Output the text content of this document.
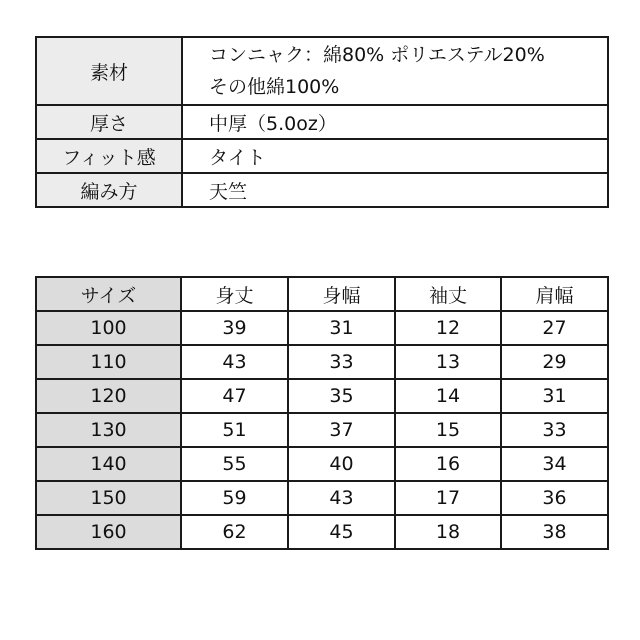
素材	コンニャク：綿80% ポリエステル20%
その他綿100%

厚さ	中厚（5.0oz）
フィット感	タイト
編み方	天竺
サイズ	身丈	身幅	袖丈	肩幅
100	39	31	12	27
110	43	33	13	29
120	47	35	14	31
130	51	37	15	33
140	55	40	16	34
150	59	43	17	36
160	62	45	18	38
